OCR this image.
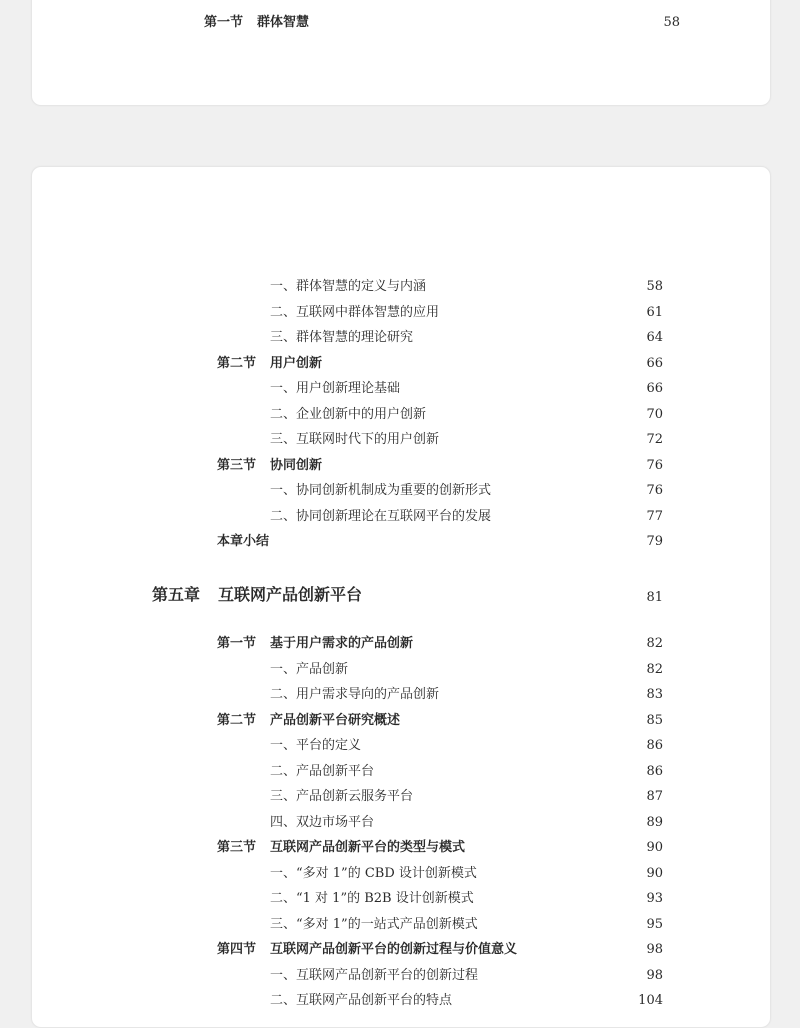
第一节 群体智慧	58
一、群体智慧的定义与内涵	58
二、互联网中群体智慧的应用	61
三、群体智慧的理论研究	64
第二节 用户创新	66
一、用户创新理论基础	66
二、企业创新中的用户创新	70
三、互联网时代下的用户创新	72
第三节 协同创新	76
一、协同创新机制成为重要的创新形式	76
二、协同创新理论在互联网平台的发展	77
本章小结	79
第五章 互联网产品创新平台	81
第一节 基于用户需求的产品创新	82
一、产品创新	82
二、用户需求导向的产品创新	83
第二节 产品创新平台研究概述	85
一、平台的定义	86
二、产品创新平台	86
三、产品创新云服务平台	87
四、双边市场平台	89
第三节 互联网产品创新平台的类型与模式	90
一、“多对 1”的 CBD 设计创新模式	90
二、“1 对 1”的 B2B 设计创新模式	93
三、“多对 1”的一站式产品创新模式	95
第四节 互联网产品创新平台的创新过程与价值意义	98
一、互联网产品创新平台的创新过程	98
二、互联网产品创新平台的特点	104
